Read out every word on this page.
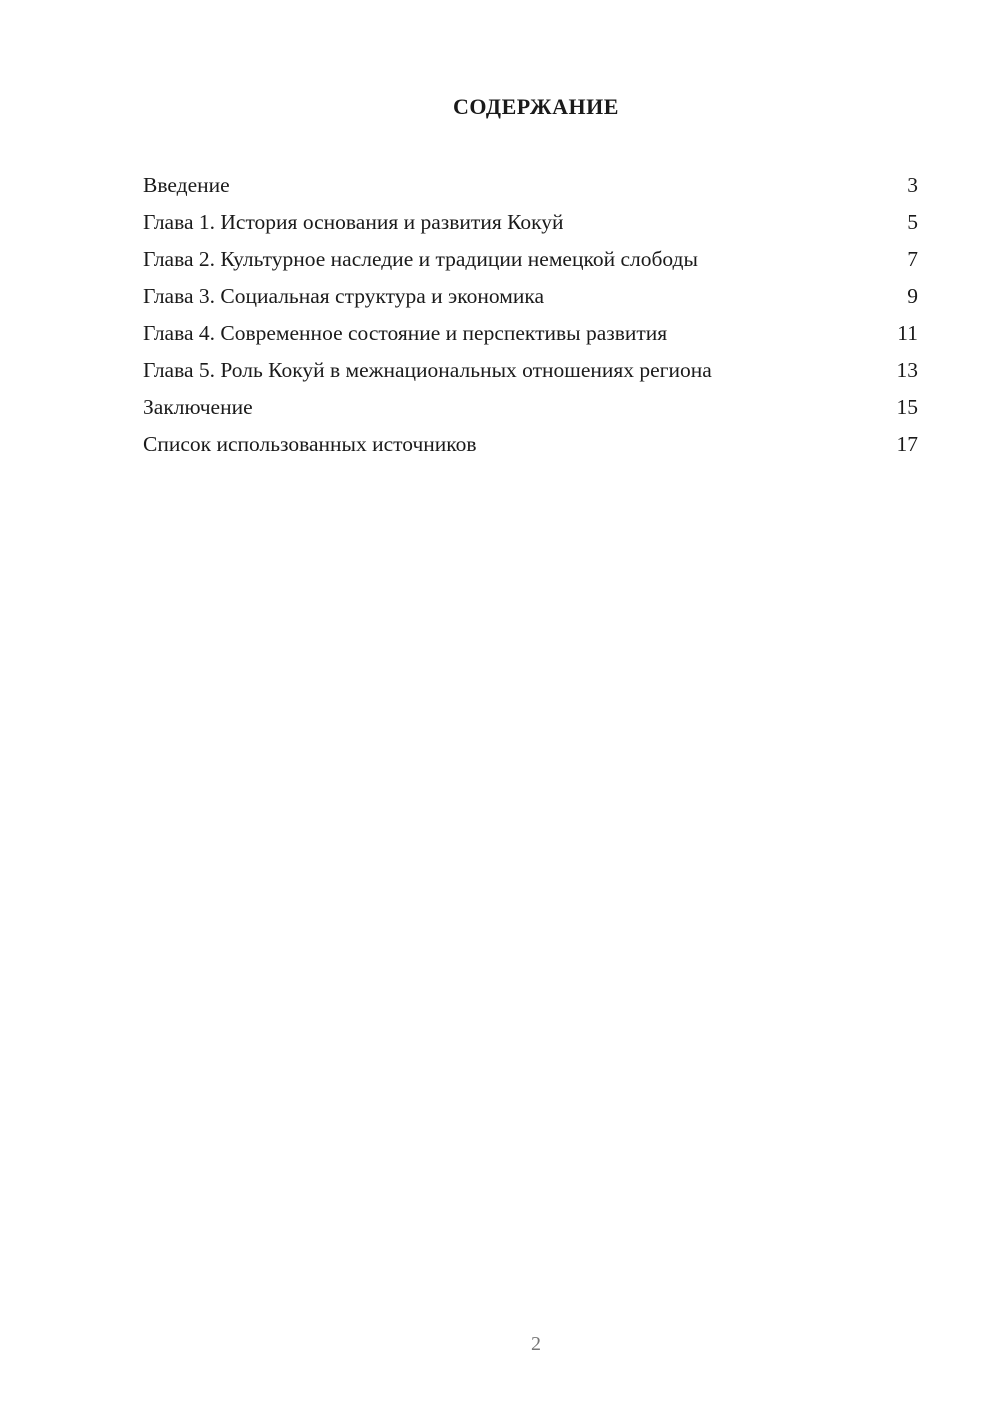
СОДЕРЖАНИЕ
Введение	3
Глава 1. История основания и развития Кокуй	5
Глава 2. Культурное наследие и традиции немецкой слободы	7
Глава 3. Социальная структура и экономика	9
Глава 4. Современное состояние и перспективы развития	11
Глава 5. Роль Кокуй в межнациональных отношениях региона	13
Заключение	15
Список использованных источников	17
2
